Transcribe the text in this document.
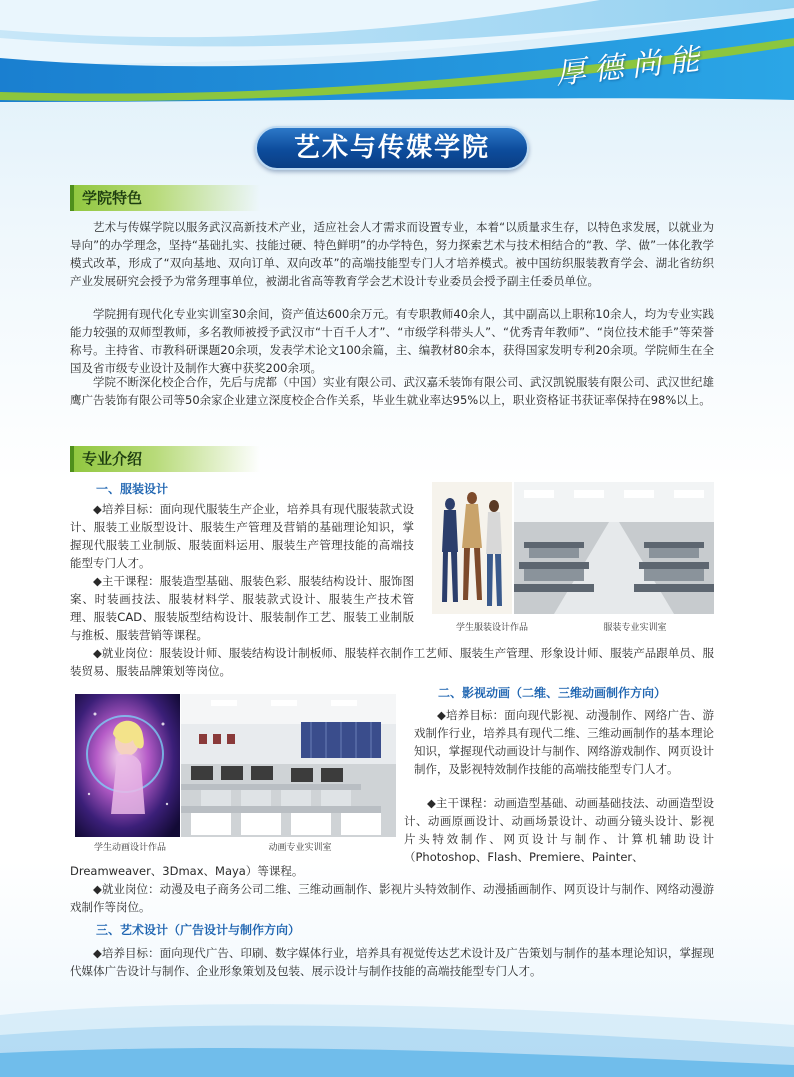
厚德尚能
艺术与传媒学院
学院特色

艺术与传媒学院以服务武汉高新技术产业，适应社会人才需求而设置专业，本着“以质量求生存，以特色求发展，以就业为导向”的办学理念，坚持“基础扎实、技能过硬、特色鲜明”的办学特色，努力探索艺术与技术相结合的“教、学、做”一体化教学模式改革，形成了“双向基地、双向订单、双向改革”的高端技能型专门人才培养模式。被中国纺织服装教育学会、湖北省纺织产业发展研究会授予为常务理事单位，被湖北省高等教育学会艺术设计专业委员会授予副主任委员单位。

学院拥有现代化专业实训室30余间，资产值达600余万元。有专职教师40余人，其中副高以上职称10余人，均为专业实践能力较强的双师型教师，多名教师被授予武汉市“十百千人才”、“市级学科带头人”、“优秀青年教师”、“岗位技术能手”等荣誉称号。主持省、市教科研课题20余项，发表学术论文100余篇，主、编教材80余本，获得国家发明专利20余项。学院师生在全国及省市级专业设计及制作大赛中获奖200余项。

学院不断深化校企合作，先后与虎都（中国）实业有限公司、武汉嘉禾装饰有限公司、武汉凯锐服装有限公司、武汉世纪雄鹰广告装饰有限公司等50余家企业建立深度校企合作关系，毕业生就业率达95%以上，职业资格证书获证率保持在98%以上。

专业介绍
一、服装设计

◆培养目标：面向现代服装生产企业，培养具有现代服装款式设计、服装工业版型设计、服装生产管理及营销的基础理论知识，掌握现代服装工业制版、服装面料运用、服装生产管理技能的高端技能型专门人才。

◆主干课程：服装造型基础、服装色彩、服装结构设计、服饰图案、时装画技法、服装材料学、服装款式设计、服装生产技术管理、服装CAD、服装版型结构设计、服装制作工艺、服装工业制版与推板、服装营销等课程。

◆就业岗位：服装设计师、服装结构设计制板师、服装样衣制作工艺师、服装生产管理、形象设计师、服装产品跟单员、服装贸易、服装品牌策划等岗位。

学生服装设计作品	服装专业实训室
学生动画设计作品	动画专业实训室
二、影视动画（二维、三维动画制作方向）

◆培养目标：面向现代影视、动漫制作、网络广告、游戏制作行业，培养具有现代二维、三维动画制作的基本理论知识，掌握现代动画设计与制作、网络游戏制作、网页设计制作，及影视特效制作技能的高端技能型专门人才。

◆主干课程：动画造型基础、动画基础技法、动画造型设计、动画原画设计、动画场景设计、动画分镜头设计、影视片头特效制作、网页设计与制作、计算机辅助设计（Photoshop、Flash、Premiere、Painter、

Dreamweaver、3Dmax、Maya）等课程。

◆就业岗位：动漫及电子商务公司二维、三维动画制作、影视片头特效制作、动漫插画制作、网页设计与制作、网络动漫游戏制作等岗位。

三、艺术设计（广告设计与制作方向）

◆培养目标：面向现代广告、印刷、数字媒体行业，培养具有视觉传达艺术设计及广告策划与制作的基本理论知识，掌握现代媒体广告设计与制作、企业形象策划及包装、展示设计与制作技能的高端技能型专门人才。
